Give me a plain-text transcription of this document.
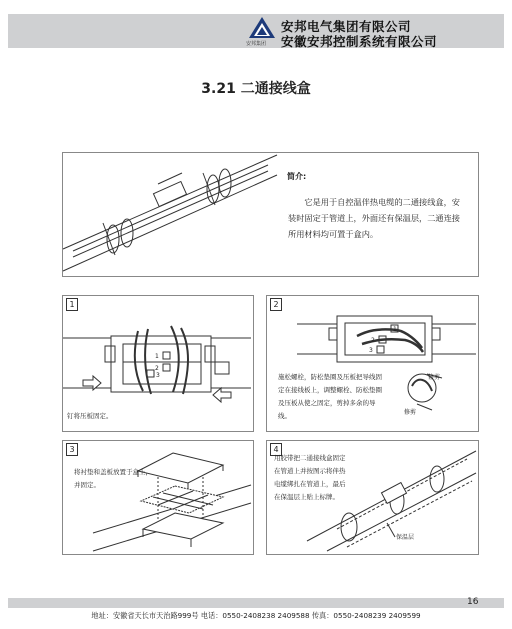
安邦集团
安邦电气集团有限公司
安徽安邦控制系统有限公司
3.21 二通接线盒
简介:
它是用于自控温伴热电缆的二通接线盒，安装时固定于管道上，外面还有保温层，二通连接所用材料均可置于盒内。
1
1
2
3
钉将压板固定。
2
1
2
3
施松螺栓，防松垫圈及压板把导线固定在接线板上，调整螺栓、防松垫圈及压板从使之固定，剪掉多余的导线。
修剪
修剪
3
将衬垫和盖板放置于盒上，并固定。
4
用胶带把二通接线盒固定在管道上并按图示将伴热电缆绑扎在管道上，最后在保温层上贴上标牌。
保温层
16
地址：安徽省天长市天治路999号 电话：0550-2408238 2409588 传真：0550-2408239 2409599
